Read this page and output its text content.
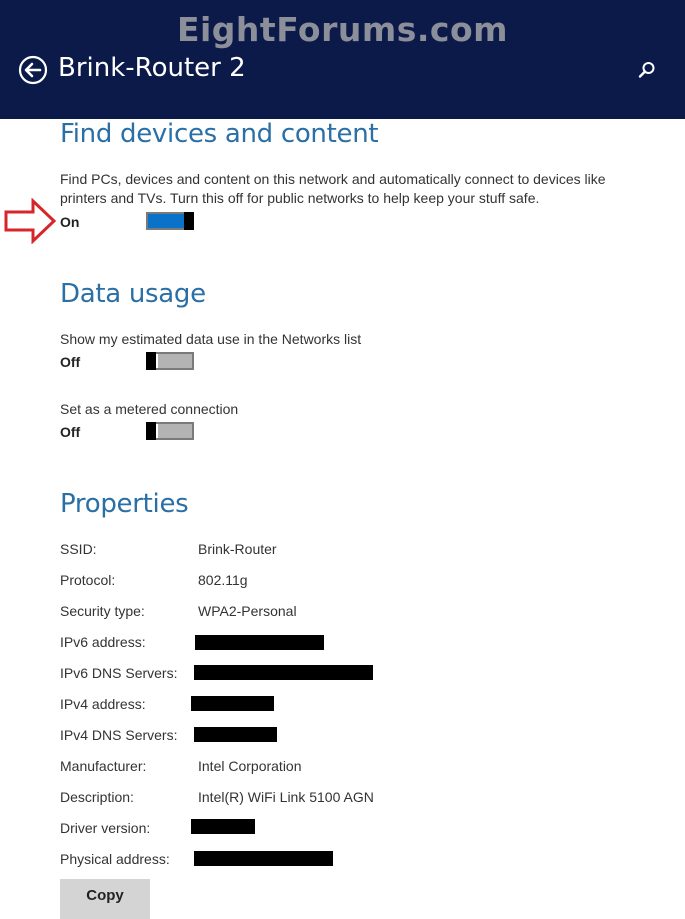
EightForums.com
Brink-Router 2
Find devices and content
Find PCs, devices and content on this network and automatically connect to devices like printers and TVs. Turn this off for public networks to help keep your stuff safe.
On
Data usage
Show my estimated data use in the Networks list
Off
Set as a metered connection
Off
Properties
SSID:	Brink-Router
Protocol:	802.11g
Security type:	WPA2-Personal
IPv6 address:
IPv6 DNS Servers:
IPv4 address:
IPv4 DNS Servers:
Manufacturer:	Intel Corporation
Description:	Intel(R) WiFi Link 5100 AGN
Driver version:
Physical address:
Copy
